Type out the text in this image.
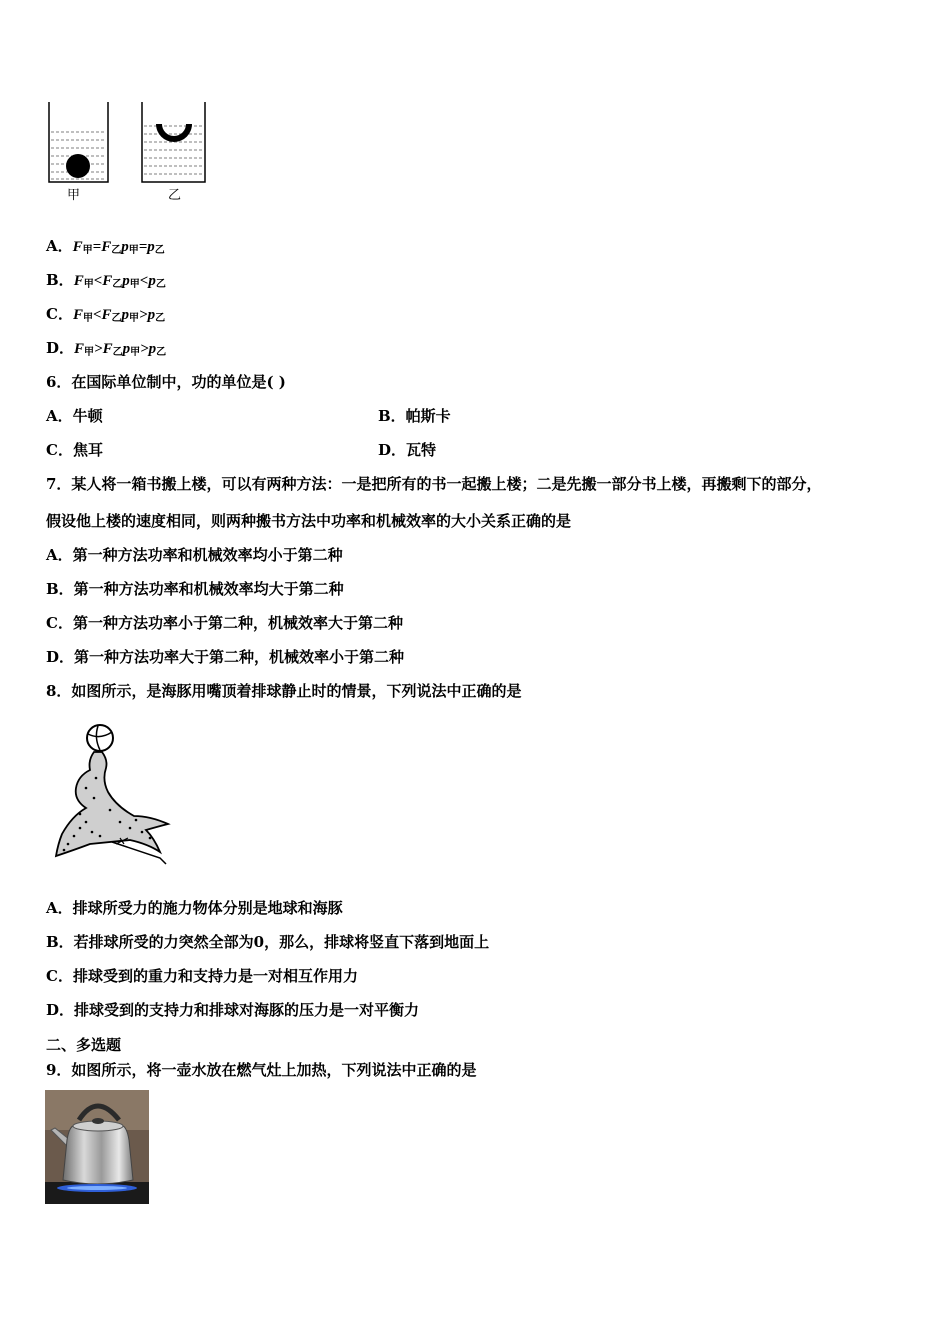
甲	乙
A．$F_甲=F_乙p_甲=p_乙$
B．$F_甲<F_乙p_甲<p_乙$
C．$F_甲<F_乙p_甲>p_乙$
D．$F_甲>F_乙p_甲>p_乙$
6．在国际单位制中，功的单位是( )
A．牛顿	B．帕斯卡
C．焦耳	D．瓦特
7．某人将一箱书搬上楼，可以有两种方法：一是把所有的书一起搬上楼；二是先搬一部分书上楼，再搬剩下的部分，
假设他上楼的速度相同，则两种搬书方法中功率和机械效率的大小关系正确的是
A．第一种方法功率和机械效率均小于第二种
B．第一种方法功率和机械效率均大于第二种
C．第一种方法功率小于第二种，机械效率大于第二种
D．第一种方法功率大于第二种，机械效率小于第二种
8．如图所示，是海豚用嘴顶着排球静止时的情景，下列说法中正确的是
A．排球所受力的施力物体分别是地球和海豚
B．若排球所受的力突然全部为0，那么，排球将竖直下落到地面上
C．排球受到的重力和支持力是一对相互作用力
D．排球受到的支持力和排球对海豚的压力是一对平衡力
二、多选题
9．如图所示，将一壶水放在燃气灶上加热，下列说法中正确的是
